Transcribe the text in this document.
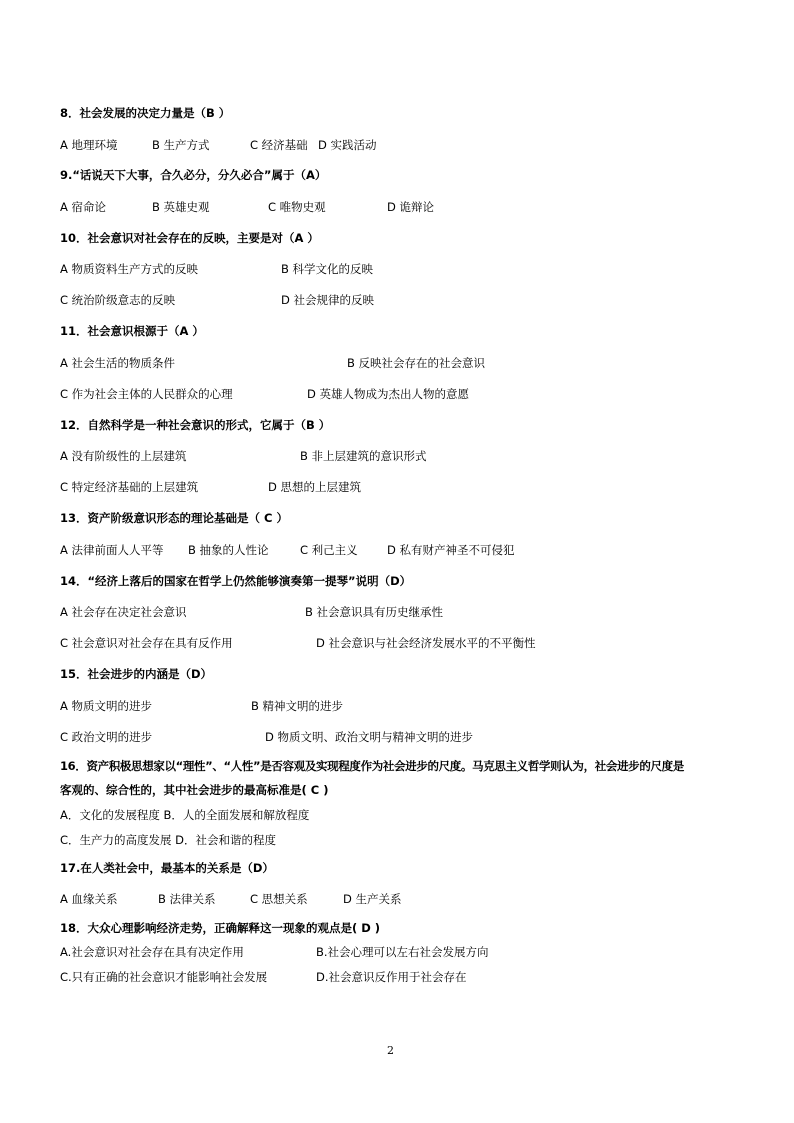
8．社会发展的决定力量是（B ）
A 地理环境	B 生产方式	C 经济基础 D 实践活动
9.“话说天下大事，合久必分，分久必合”属于（A）
A 宿命论	B 英雄史观	C 唯物史观	D 诡辩论
10．社会意识对社会存在的反映，主要是对（A ）
A 物质资料生产方式的反映	B 科学文化的反映
C 统治阶级意志的反映	D 社会规律的反映
11．社会意识根源于（A ）
A 社会生活的物质条件	B 反映社会存在的社会意识
C 作为社会主体的人民群众的心理	D 英雄人物成为杰出人物的意愿
12．自然科学是一种社会意识的形式，它属于（B ）
A 没有阶级性的上层建筑	B 非上层建筑的意识形式
C 特定经济基础的上层建筑	D 思想的上层建筑
13．资产阶级意识形态的理论基础是（ C ）
A 法律前面人人平等 B 抽象的人性论	C 利己主义	D 私有财产神圣不可侵犯
14．“经济上落后的国家在哲学上仍然能够演奏第一提琴”说明（D）
A 社会存在决定社会意识	B 社会意识具有历史继承性
C 社会意识对社会存在具有反作用	D 社会意识与社会经济发展水平的不平衡性
15．社会进步的内涵是（D）
A 物质文明的进步	B 精神文明的进步
C 政治文明的进步	D 物质文明、政治文明与精神文明的进步
16．资产积极思想家以“理性”、“人性”是否容观及实现程度作为社会进步的尺度。马克思主义哲学则认为，社会进步的尺度是
客观的、综合性的，其中社会进步的最高标准是( C )
A．文化的发展程度 B．人的全面发展和解放程度
C．生产力的高度发展 D．社会和谐的程度
17.在人类社会中，最基本的关系是（D）
A 血缘关系	B 法律关系	C 思想关系	D 生产关系
18．大众心理影响经济走势，正确解释这一现象的观点是( D )
A.社会意识对社会存在具有决定作用	B.社会心理可以左右社会发展方向
C.只有正确的社会意识才能影响社会发展	D.社会意识反作用于社会存在
2
